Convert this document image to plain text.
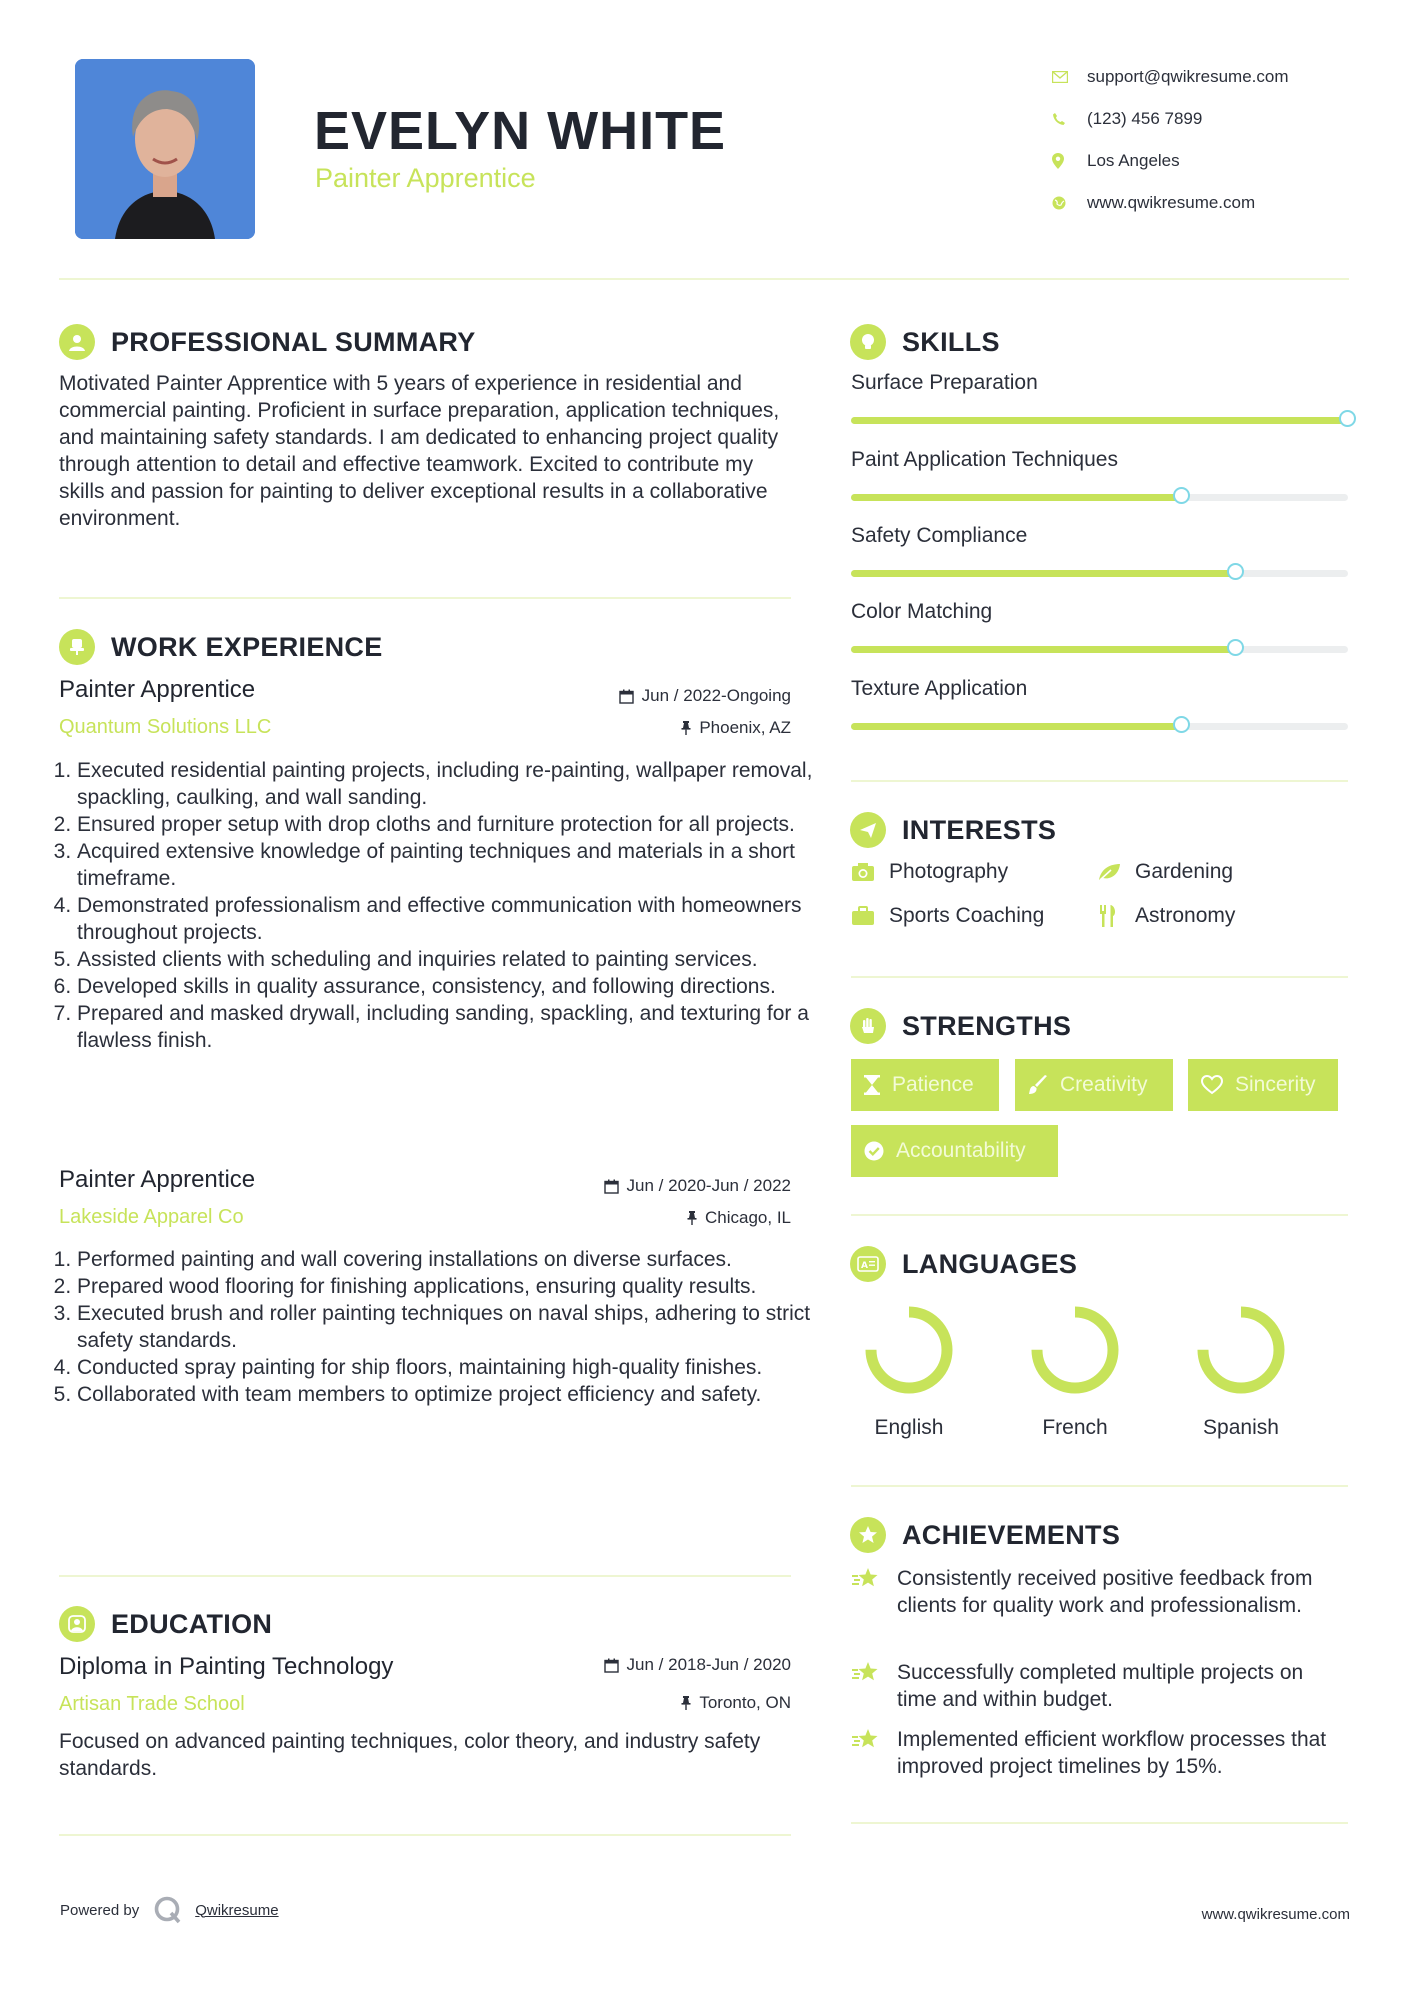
EVELYN WHITE
Painter Apprentice
support@qwikresume.com
(123) 456 7899
Los Angeles
www.qwikresume.com
PROFESSIONAL SUMMARY
Motivated Painter Apprentice with 5 years of experience in residential and commercial painting. Proficient in surface preparation, application techniques, and maintaining safety standards. I am dedicated to enhancing project quality through attention to detail and effective teamwork. Excited to contribute my skills and passion for painting to deliver exceptional results in a collaborative environment.
WORK EXPERIENCE
Painter Apprentice	Jun / 2022-Ongoing
Quantum Solutions LLC	Phoenix, AZ
1. Executed residential painting projects, including re-painting, wallpaper removal, spackling, caulking, and wall sanding.
2. Ensured proper setup with drop cloths and furniture protection for all projects.
3. Acquired extensive knowledge of painting techniques and materials in a short timeframe.
4. Demonstrated professionalism and effective communication with homeowners throughout projects.
5. Assisted clients with scheduling and inquiries related to painting services.
6. Developed skills in quality assurance, consistency, and following directions.
7. Prepared and masked drywall, including sanding, spackling, and texturing for a flawless finish.
Painter Apprentice	Jun / 2020-Jun / 2022
Lakeside Apparel Co	Chicago, IL
1. Performed painting and wall covering installations on diverse surfaces.
2. Prepared wood flooring for finishing applications, ensuring quality results.
3. Executed brush and roller painting techniques on naval ships, adhering to strict safety standards.
4. Conducted spray painting for ship floors, maintaining high-quality finishes.
5. Collaborated with team members to optimize project efficiency and safety.
EDUCATION
Diploma in Painting Technology	Jun / 2018-Jun / 2020
Artisan Trade School	Toronto, ON
Focused on advanced painting techniques, color theory, and industry safety standards.
SKILLS
Surface Preparation
Paint Application Techniques
Safety Compliance
Color Matching
Texture Application
INTERESTS
Photography	Gardening
Sports Coaching	Astronomy
STRENGTHS
Patience	Creativity	Sincerity
Accountability
A LANGUAGES
English	French	Spanish
ACHIEVEMENTS
Consistently received positive feedback from clients for quality work and professionalism.
Successfully completed multiple projects on time and within budget.
Implemented efficient workflow processes that improved project timelines by 15%.
Powered by	Qwikresume	www.qwikresume.com
